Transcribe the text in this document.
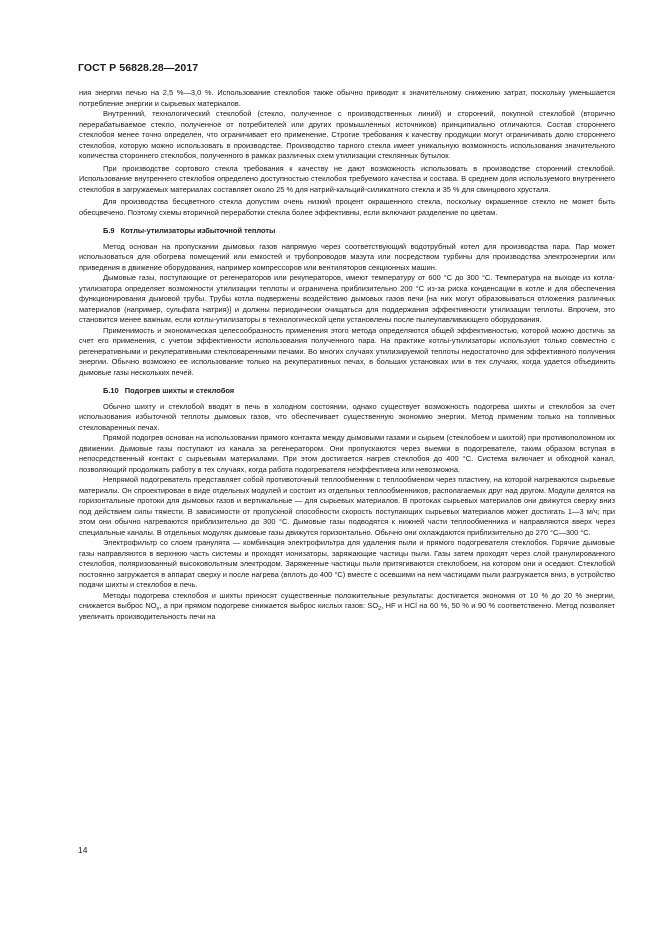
ГОСТ Р 56828.28—2017

ния энергии печью на 2,5 %—3,0 %. Использование стеклобоя также обычно приводит к значительному снижению затрат, поскольку уменьшается потребление энергии и сырьевых материалов.

Внутренний, технологический стеклобой (стекло, полученное с производственных линий) и сторонний, покупной стеклобой (вторично перерабатываемое стекло, полученное от потребителей или других промышленных источников) принципиально отличаются. Состав стороннего стеклобоя менее точно определен, что ограничивает его применение. Строгие требования к качеству продукции могут ограничивать долю стороннего стеклобоя, которую можно использовать в производстве. Производство тарного стекла имеет уникальную возможность использования значительного количества стороннего стеклобоя, полученного в рамках различных схем утилизации стеклянных бутылок.

При производстве сортового стекла требования к качеству не дают возможность использовать в производстве сторонний стеклобой. Использование внутреннего стеклобоя определено доступностью стеклобоя требуемого качества и состава. В среднем доля используемого внутреннего стеклобоя в загружаемых материалах составляет около 25 % для натрий-кальций-силикатного стекла и 35 % для свинцового хрусталя.

Для производства бесцветного стекла допустим очень низкий процент окрашенного стекла, поскольку окрашенное стекло не может быть обесцвечено. Поэтому схемы вторичной переработки стекла более эффективны, если включают разделение по цветам.

Б.9 Котлы-утилизаторы избыточной теплоты

Метод основан на пропускании дымовых газов напрямую через соответствующий водотрубный котел для производства пара. Пар может использоваться для обогрева помещений или емкостей и трубопроводов мазута или посредством турбины для производства электроэнергии или приведения в движение оборудования, например компрессоров или вентиляторов секционных машин.

Дымовые газы, поступающие от регенераторов или рекуператоров, имеют температуру от 600 °С до 300 °С. Температура на выходе из котла-утилизатора определяет возможности утилизации теплоты и ограничена приблизительно 200 °С из-за риска конденсации в котле и для обеспечения функционирования дымовой трубы. Трубы котла подвержены воздействию дымовых газов печи [на них могут образовываться отложения различных материалов (например, сульфата натрия)] и должны периодически очищаться для поддержания эффективности утилизации теплоты. Впрочем, это становится менее важным, если котлы-утилизаторы в технологической цепи установлены после пылеулавливающего оборудования.

Применимость и экономическая целесообразность применения этого метода определяются общей эффективностью, которой можно достичь за счет его применения, с учетом эффективности использования полученного пара. На практике котлы-утилизаторы используют только совместно с регенеративными и рекуперативными стекловаренными печами. Во многих случаях утилизируемой теплоты недостаточно для эффективного получения энергии. Обычно возможно ее использование только на рекуперативных печах, в больших установках или в тех случаях, когда удается объединить дымовые газы нескольких печей.

Б.10 Подогрев шихты и стеклобоя

Обычно шихту и стеклобой вводят в печь в холодном состоянии, однако существует возможность подогрева шихты и стеклобоя за счет использования избыточной теплоты дымовых газов, что обеспечивает существенную экономию энергии. Метод применим только на топливных стекловаренных печах.

Прямой подогрев основан на использовании прямого контакта между дымовыми газами и сырьем (стеклобоем и шихтой) при противоположном их движении. Дымовые газы поступают из канала за регенератором. Они пропускаются через выемки в подогревателе, таким образом вступая в непосредственный контакт с сырьевыми материалами. При этом достигается нагрев стеклобоя до 400 °С. Система включает и обходной канал, позволяющий продолжать работу в тех случаях, когда работа подогревателя неэффективна или невозможна.

Непрямой подогреватель представляет собой противоточный теплообменник с теплообменом через пластину, на которой нагреваются сырьевые материалы. Он спроектирован в виде отдельных модулей и состоит из отдельных теплообменников, располагаемых друг над другом. Модули делятся на горизонтальные протоки для дымовых газов и вертикальные — для сырьевых материалов. В протоках сырьевых материалов они движутся сверху вниз под действием силы тяжести. В зависимости от пропускной способности скорость поступающих сырьевых материалов может достигать 1—3 м/ч; при этом они обычно нагреваются приблизительно до 300 °С. Дымовые газы подводятся к нижней части теплообменника и направляются вверх через специальные каналы. В отдельных модулях дымовые газы движутся горизонтально. Обычно они охлаждаются приблизительно до 270 °С—300 °С.

Электрофильтр со слоем гранулята — комбинация электрофильтра для удаления пыли и прямого подогревателя стеклобоя. Горячие дымовые газы направляются в верхнюю часть системы и проходят ионизаторы, заряжающие частицы пыли. Газы затем проходят через слой гранулированного стеклобоя, поляризованный высоковольтным электродом. Заряженные частицы пыли притягиваются стеклобоем, на котором они и оседают. Стеклобой постоянно загружается в аппарат сверху и после нагрева (вплоть до 400 °С) вместе с осевшими на нем частицами пыли разгружается вниз, в устройство подачи шихты и стеклобоя в печь.

Методы подогрева стеклобоя и шихты приносят существенные положительные результаты: достигается экономия от 10 % до 20 % энергии, снижается выброс $NO_x$, а при прямом подогреве снижается выброс кислых газов: $SO_2$, HF и HCl на 60 %, 50 % и 90 % соответственно. Метод позволяет увеличить производительность печи на

14
